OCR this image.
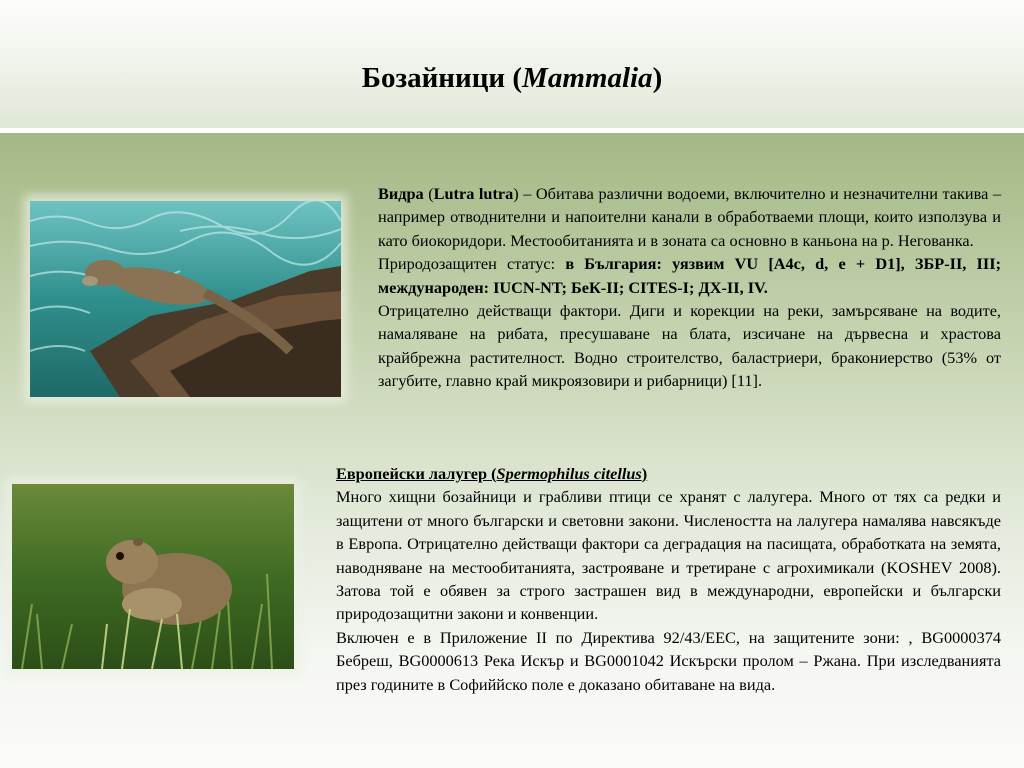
Бозайници (Mammalia)
Видра (Lutra lutra) – Обитава различни водоеми, включително и незначителни такива – например отводнителни и напоителни канали в обработваеми площи, които използува и като биокоридори. Местообитанията и в зоната са основно в каньона на р. Негованка.
Природозащитен статус: в България: уязвим VU [A4c, d, e + D1], ЗБР-II, III; международен: IUCN-NT; БеК-II; CITES-I; ДХ-II, IV.
Отрицателно действащи фактори. Диги и корекции на реки, замърсяване на водите, намаляване на рибата, пресушаване на блата, изсичане на дървесна и храстова крайбрежна растителност. Водно строителство, баластриери, бракониерство (53% от загубите, главно край микроязовири и рибарници) [11].
Европейски лалугер (Spermophilus citellus)
Много хищни бозайници и грабливи птици се хранят с лалугера. Много от тях са редки и защитени от много български и световни закони. Числеността на лалугера намалява навсякъде в Европа. Отрицателно действащи фактори са деградация на пасищата, обработката на земята, наводняване на местообитанията, застрояване и третиране с агрохимикали (KOSHEV 2008). Затова той е обявен за строго застрашен вид в международни, европейски и български природозащитни закони и конвенции.
Включен е в Приложение II по Директива 92/43/ЕЕС, на защитените зони: , BG0000374 Бебреш, BG0000613 Река Искър и BG0001042 Искърски пролом – Ржана. При изследванията през годините в Софиййско поле е доказано обитаване на вида.
